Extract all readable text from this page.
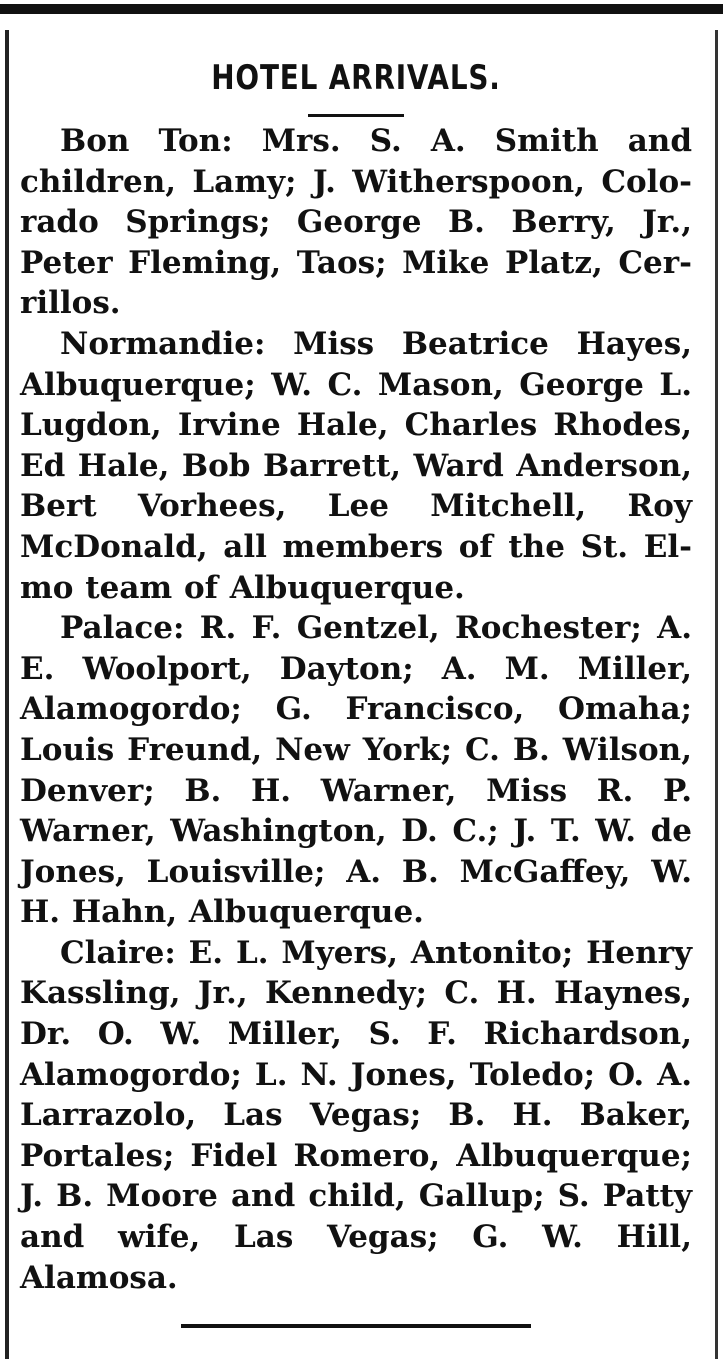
HOTEL ARRIVALS.

Bon Ton: Mrs. S. A. Smith and children, Lamy; J. Witherspoon, Colorado Springs; George B. Berry, Jr., Peter Fleming, Taos; Mike Platz, Cerrillos.

Normandie: Miss Beatrice Hayes, Albuquerque; W. C. Mason, George L. Lugdon, Irvine Hale, Charles Rhodes, Ed Hale, Bob Barrett, Ward Anderson, Bert Vorhees, Lee Mitchell, Roy McDonald, all members of the St. Elmo team of Albuquerque.

Palace: R. F. Gentzel, Rochester; A. E. Woolport, Dayton; A. M. Miller, Alamogordo; G. Francisco, Omaha; Louis Freund, New York; C. B. Wilson, Denver; B. H. Warner, Miss R. P. Warner, Washington, D. C.; J. T. W. de Jones, Louisville; A. B. McGaffey, W. H. Hahn, Albuquerque.

Claire: E. L. Myers, Antonito; Henry Kassling, Jr., Kennedy; C. H. Haynes, Dr. O. W. Miller, S. F. Richardson, Alamogordo; L. N. Jones, Toledo; O. A. Larrazolo, Las Vegas; B. H. Baker, Portales; Fidel Romero, Albuquerque; J. B. Moore and child, Gallup; S. Patty and wife, Las Vegas; G. W. Hill, Alamosa.
